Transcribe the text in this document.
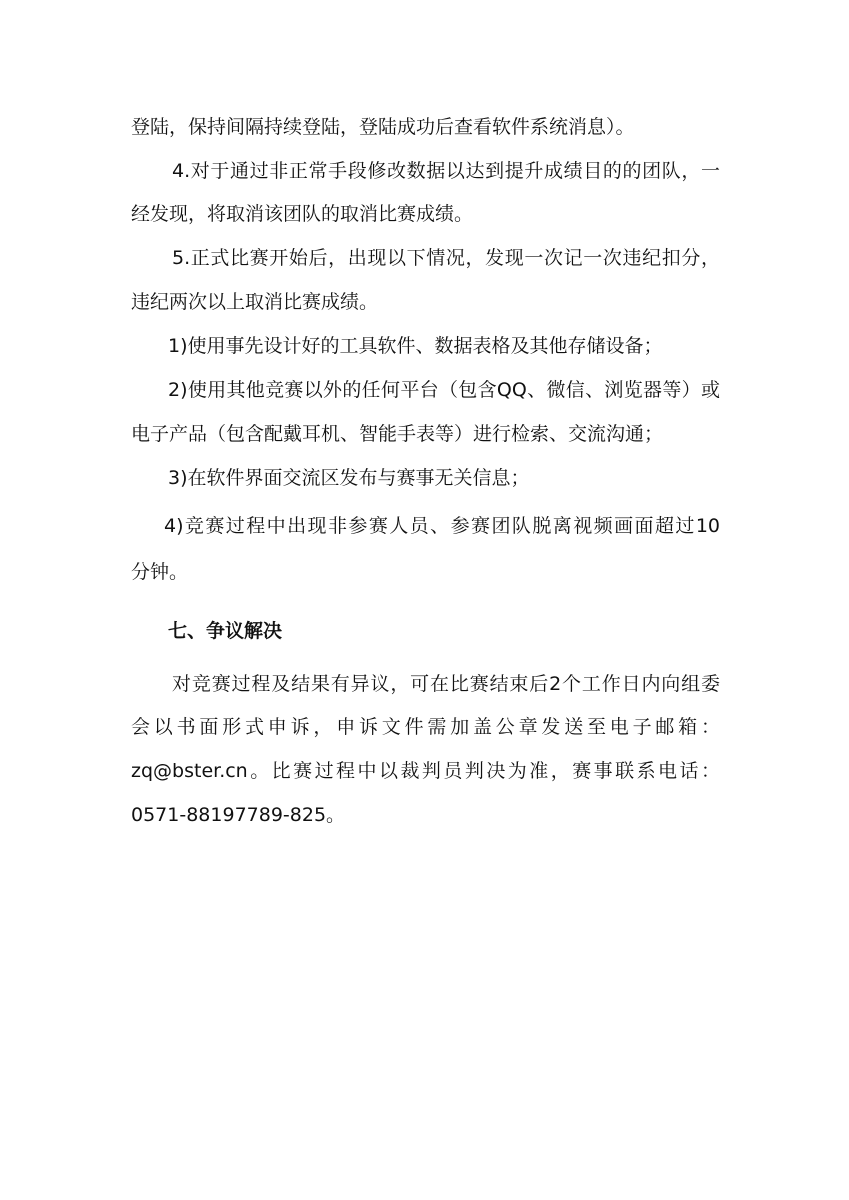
登陆，保持间隔持续登陆，登陆成功后查看软件系统消息）。
4.对于通过非正常手段修改数据以达到提升成绩目的的团队，一
经发现，将取消该团队的取消比赛成绩。
5.正式比赛开始后，出现以下情况，发现一次记一次违纪扣分，
违纪两次以上取消比赛成绩。
1)使用事先设计好的工具软件、数据表格及其他存储设备；
2)使用其他竞赛以外的任何平台（包含QQ、微信、浏览器等）或
电子产品（包含配戴耳机、智能手表等）进行检索、交流沟通；
3)在软件界面交流区发布与赛事无关信息；
4)竞赛过程中出现非参赛人员、参赛团队脱离视频画面超过10
分钟。
七、争议解决
对竞赛过程及结果有异议，可在比赛结束后2个工作日内向组委
会以书面形式申诉，申诉文件需加盖公章发送至电子邮箱：
zq@bster.cn。比赛过程中以裁判员判决为准，赛事联系电话：
0571-88197789-825。
